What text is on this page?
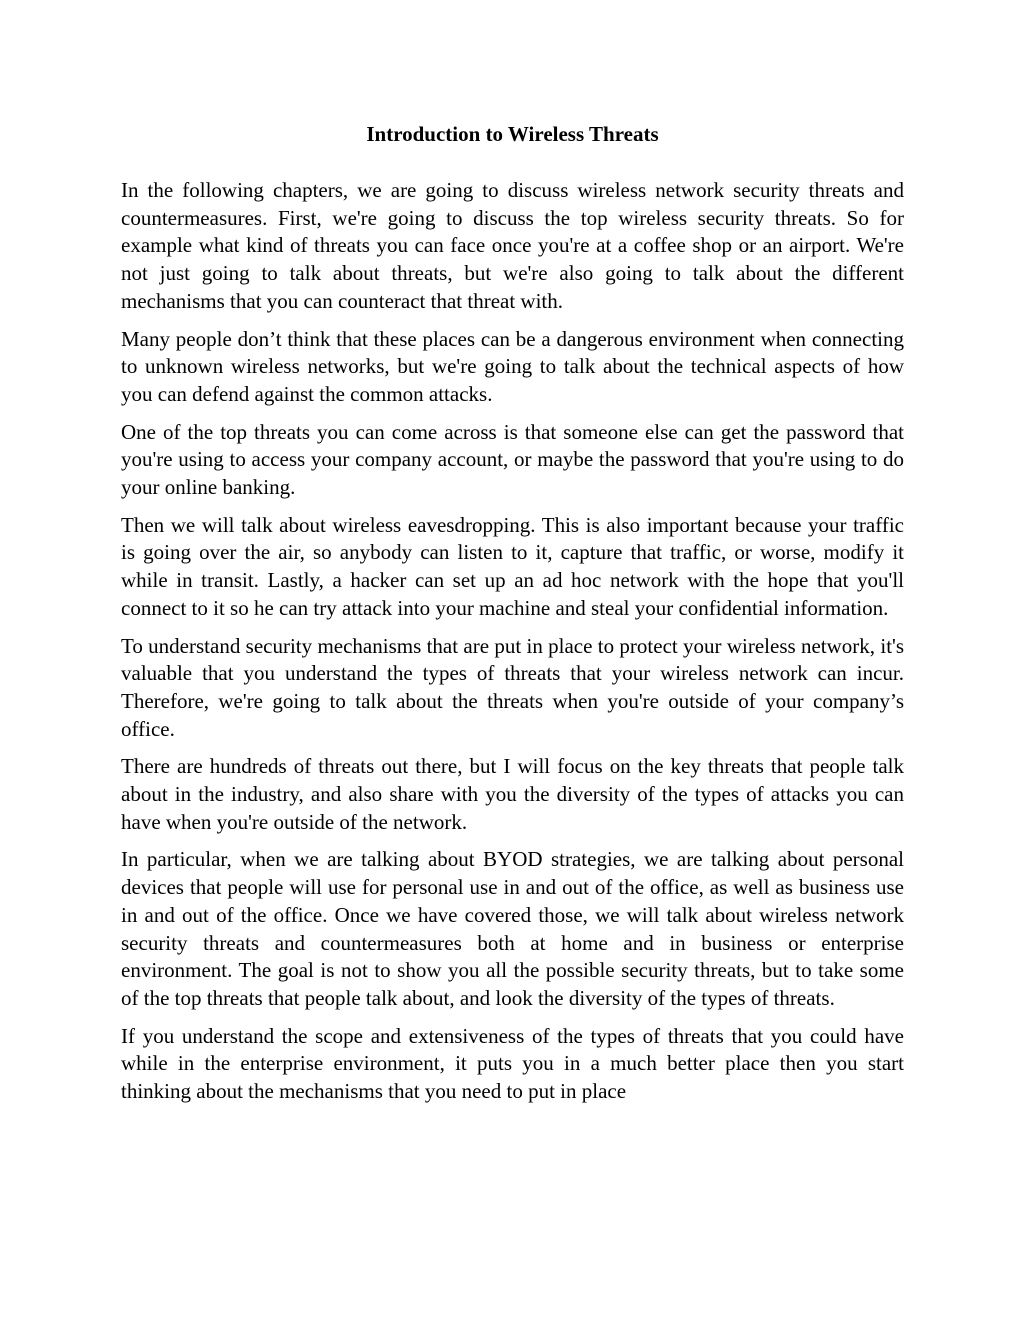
Introduction to Wireless Threats

In the following chapters, we are going to discuss wireless network security threats and countermeasures. First, we're going to discuss the top wireless security threats. So for example what kind of threats you can face once you're at a coffee shop or an airport. We're not just going to talk about threats, but we're also going to talk about the different mechanisms that you can counteract that threat with.

Many people don’t think that these places can be a dangerous environment when connecting to unknown wireless networks, but we're going to talk about the technical aspects of how you can defend against the common attacks.

One of the top threats you can come across is that someone else can get the password that you're using to access your company account, or maybe the password that you're using to do your online banking.

Then we will talk about wireless eavesdropping. This is also important because your traffic is going over the air, so anybody can listen to it, capture that traffic, or worse, modify it while in transit. Lastly, a hacker can set up an ad hoc network with the hope that you'll connect to it so he can try attack into your machine and steal your confidential information.

To understand security mechanisms that are put in place to protect your wireless network, it's valuable that you understand the types of threats that your wireless network can incur. Therefore, we're going to talk about the threats when you're outside of your company’s office.

There are hundreds of threats out there, but I will focus on the key threats that people talk about in the industry, and also share with you the diversity of the types of attacks you can have when you're outside of the network.

In particular, when we are talking about BYOD strategies, we are talking about personal devices that people will use for personal use in and out of the office, as well as business use in and out of the office. Once we have covered those, we will talk about wireless network security threats and countermeasures both at home and in business or enterprise environment. The goal is not to show you all the possible security threats, but to take some of the top threats that people talk about, and look the diversity of the types of threats.

If you understand the scope and extensiveness of the types of threats that you could have while in the enterprise environment, it puts you in a much better place then you start thinking about the mechanisms that you need to put in place
